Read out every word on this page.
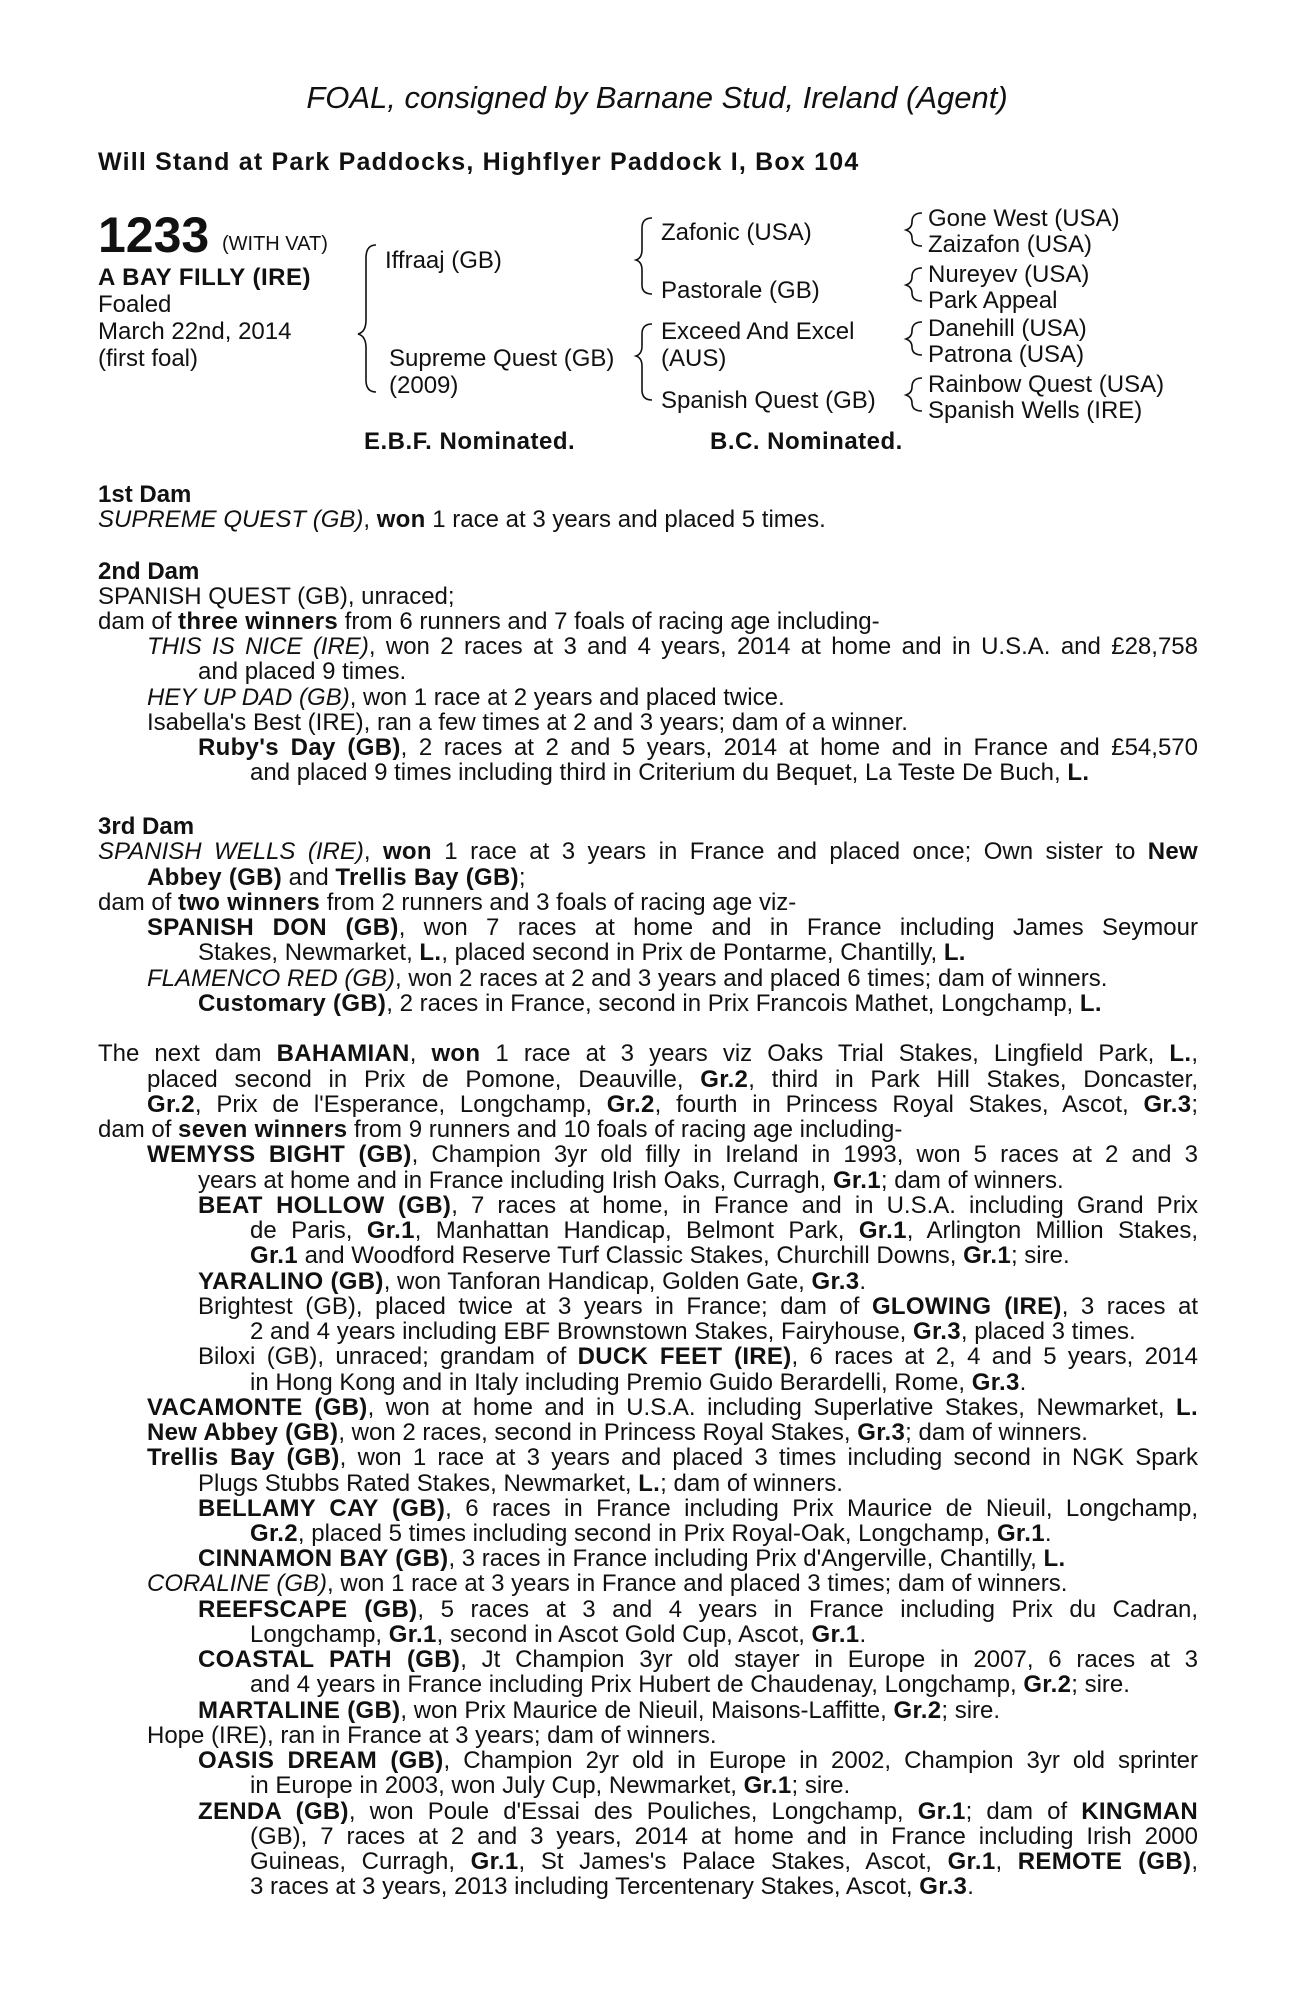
FOAL, consigned by Barnane Stud, Ireland (Agent)
Will Stand at Park Paddocks, Highflyer Paddock I, Box 104
1233 (WITH VAT)
A BAY FILLY (IRE)
Foaled
March 22nd, 2014
(first foal)
Iffraaj (GB)
Supreme Quest (GB)
(2009)
Zafonic (USA)
Pastorale (GB)
Exceed And Excel
(AUS)
Spanish Quest (GB)
Gone West (USA)
Zaizafon (USA)
Nureyev (USA)
Park Appeal
Danehill (USA)
Patrona (USA)
Rainbow Quest (USA)
Spanish Wells (IRE)
E.B.F. Nominated.	B.C. Nominated.
1st Dam
2nd Dam
3rd Dam
SUPREME QUEST (GB), won 1 race at 3 years and placed 5 times.
SPANISH QUEST (GB), unraced;
dam of three winners from 6 runners and 7 foals of racing age including-
THIS IS NICE (IRE), won 2 races at 3 and 4 years, 2014 at home and in U.S.A. and £28,758
and placed 9 times.
HEY UP DAD (GB), won 1 race at 2 years and placed twice.
Isabella's Best (IRE), ran a few times at 2 and 3 years; dam of a winner.
Ruby's Day (GB), 2 races at 2 and 5 years, 2014 at home and in France and £54,570
and placed 9 times including third in Criterium du Bequet, La Teste De Buch, L.
SPANISH WELLS (IRE), won 1 race at 3 years in France and placed once; Own sister to New
Abbey (GB) and Trellis Bay (GB);
dam of two winners from 2 runners and 3 foals of racing age viz-
SPANISH DON (GB), won 7 races at home and in France including James Seymour
Stakes, Newmarket, L., placed second in Prix de Pontarme, Chantilly, L.
FLAMENCO RED (GB), won 2 races at 2 and 3 years and placed 6 times; dam of winners.
Customary (GB), 2 races in France, second in Prix Francois Mathet, Longchamp, L.
The next dam BAHAMIAN, won 1 race at 3 years viz Oaks Trial Stakes, Lingfield Park, L.,
placed second in Prix de Pomone, Deauville, Gr.2, third in Park Hill Stakes, Doncaster,
Gr.2, Prix de l'Esperance, Longchamp, Gr.2, fourth in Princess Royal Stakes, Ascot, Gr.3;
dam of seven winners from 9 runners and 10 foals of racing age including-
WEMYSS BIGHT (GB), Champion 3yr old filly in Ireland in 1993, won 5 races at 2 and 3
years at home and in France including Irish Oaks, Curragh, Gr.1; dam of winners.
BEAT HOLLOW (GB), 7 races at home, in France and in U.S.A. including Grand Prix
de Paris, Gr.1, Manhattan Handicap, Belmont Park, Gr.1, Arlington Million Stakes,
Gr.1 and Woodford Reserve Turf Classic Stakes, Churchill Downs, Gr.1; sire.
YARALINO (GB), won Tanforan Handicap, Golden Gate, Gr.3.
Brightest (GB), placed twice at 3 years in France; dam of GLOWING (IRE), 3 races at
2 and 4 years including EBF Brownstown Stakes, Fairyhouse, Gr.3, placed 3 times.
Biloxi (GB), unraced; grandam of DUCK FEET (IRE), 6 races at 2, 4 and 5 years, 2014
in Hong Kong and in Italy including Premio Guido Berardelli, Rome, Gr.3.
VACAMONTE (GB), won at home and in U.S.A. including Superlative Stakes, Newmarket, L.
New Abbey (GB), won 2 races, second in Princess Royal Stakes, Gr.3; dam of winners.
Trellis Bay (GB), won 1 race at 3 years and placed 3 times including second in NGK Spark
Plugs Stubbs Rated Stakes, Newmarket, L.; dam of winners.
BELLAMY CAY (GB), 6 races in France including Prix Maurice de Nieuil, Longchamp,
Gr.2, placed 5 times including second in Prix Royal-Oak, Longchamp, Gr.1.
CINNAMON BAY (GB), 3 races in France including Prix d'Angerville, Chantilly, L.
CORALINE (GB), won 1 race at 3 years in France and placed 3 times; dam of winners.
REEFSCAPE (GB), 5 races at 3 and 4 years in France including Prix du Cadran,
Longchamp, Gr.1, second in Ascot Gold Cup, Ascot, Gr.1.
COASTAL PATH (GB), Jt Champion 3yr old stayer in Europe in 2007, 6 races at 3
and 4 years in France including Prix Hubert de Chaudenay, Longchamp, Gr.2; sire.
MARTALINE (GB), won Prix Maurice de Nieuil, Maisons-Laffitte, Gr.2; sire.
Hope (IRE), ran in France at 3 years; dam of winners.
OASIS DREAM (GB), Champion 2yr old in Europe in 2002, Champion 3yr old sprinter
in Europe in 2003, won July Cup, Newmarket, Gr.1; sire.
ZENDA (GB), won Poule d'Essai des Pouliches, Longchamp, Gr.1; dam of KINGMAN
(GB), 7 races at 2 and 3 years, 2014 at home and in France including Irish 2000
Guineas, Curragh, Gr.1, St James's Palace Stakes, Ascot, Gr.1, REMOTE (GB),
3 races at 3 years, 2013 including Tercentenary Stakes, Ascot, Gr.3.
